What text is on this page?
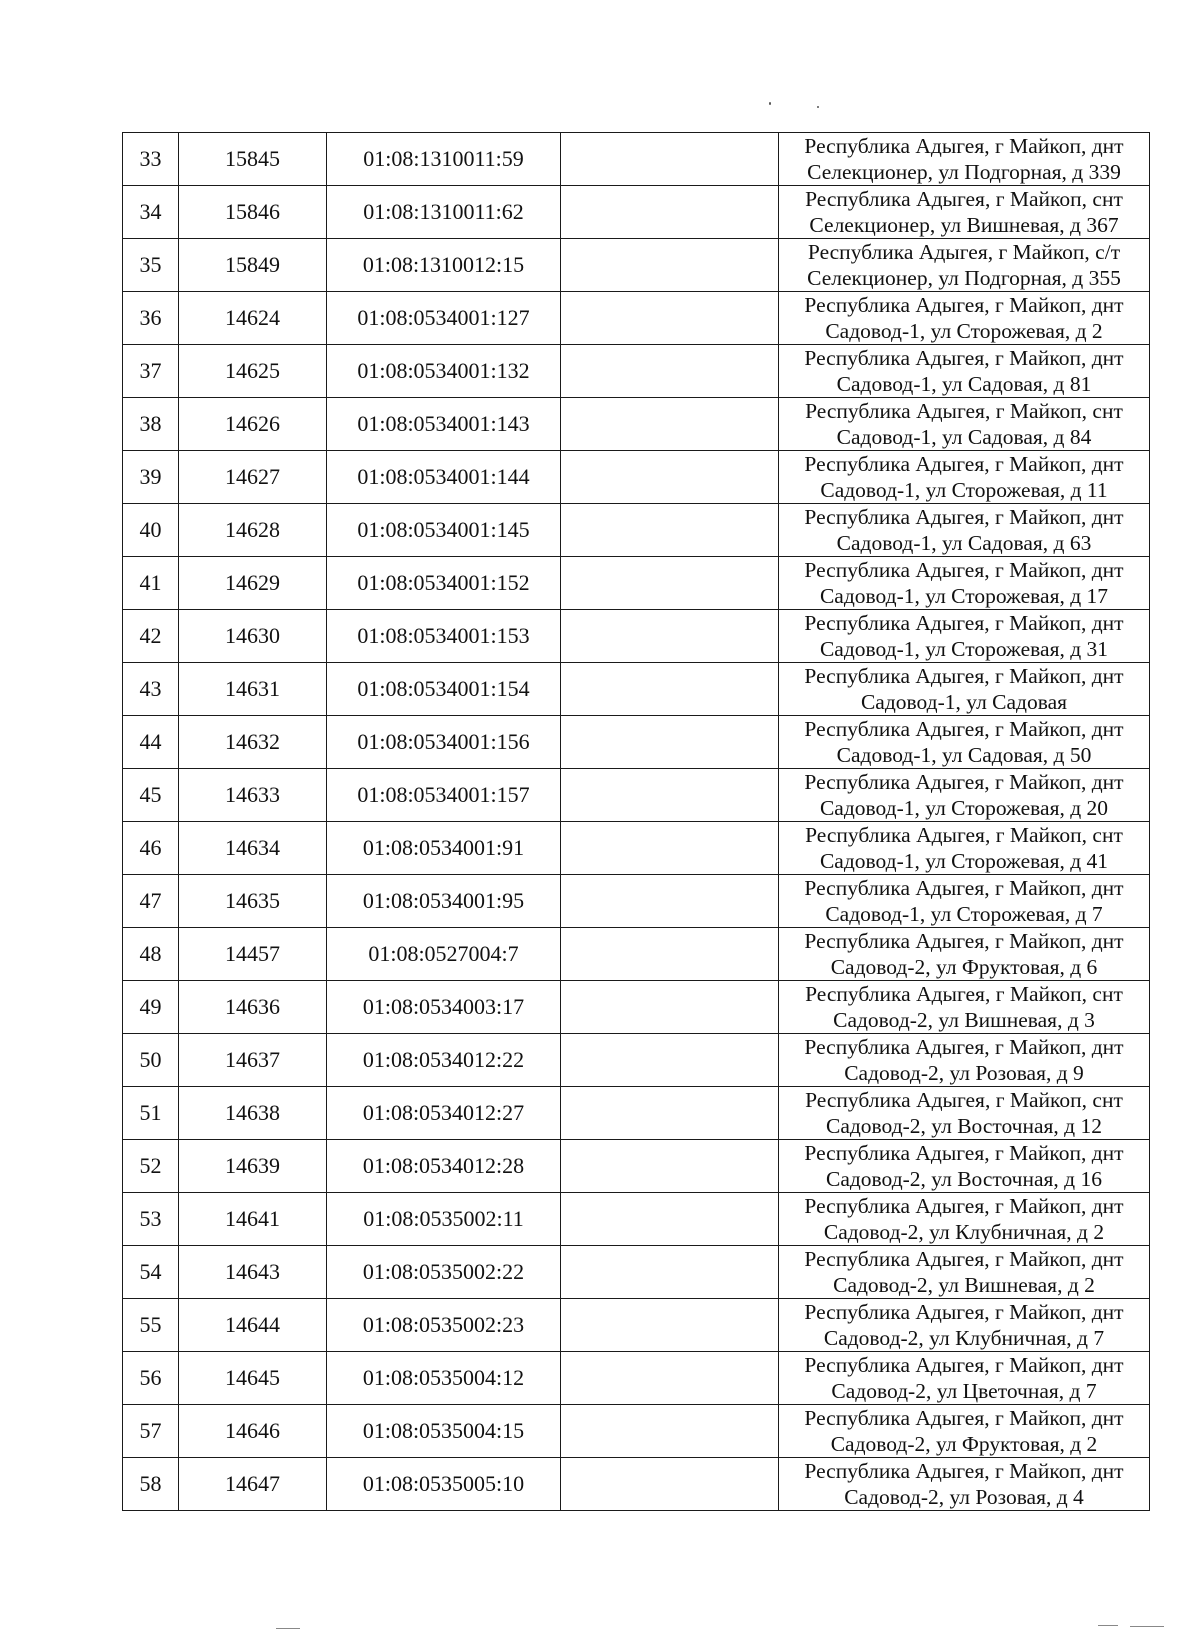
33	15845	01:08:1310011:59		Республика Адыгея, г Майкоп, днт
Селекционер, ул Подгорная, д 339

34	15846	01:08:1310011:62		Республика Адыгея, г Майкоп, снт
Селекционер, ул Вишневая, д 367

35	15849	01:08:1310012:15		Республика Адыгея, г Майкоп, с/т
Селекционер, ул Подгорная, д 355

36	14624	01:08:0534001:127		Республика Адыгея, г Майкоп, днт
Садовод-1, ул Сторожевая, д 2

37	14625	01:08:0534001:132		Республика Адыгея, г Майкоп, днт
Садовод-1, ул Садовая, д 81

38	14626	01:08:0534001:143		Республика Адыгея, г Майкоп, снт
Садовод-1, ул Садовая, д 84

39	14627	01:08:0534001:144		Республика Адыгея, г Майкоп, днт
Садовод-1, ул Сторожевая, д 11

40	14628	01:08:0534001:145		Республика Адыгея, г Майкоп, днт
Садовод-1, ул Садовая, д 63

41	14629	01:08:0534001:152		Республика Адыгея, г Майкоп, днт
Садовод-1, ул Сторожевая, д 17

42	14630	01:08:0534001:153		Республика Адыгея, г Майкоп, днт
Садовод-1, ул Сторожевая, д 31

43	14631	01:08:0534001:154		Республика Адыгея, г Майкоп, днт
Садовод-1, ул Садовая

44	14632	01:08:0534001:156		Республика Адыгея, г Майкоп, днт
Садовод-1, ул Садовая, д 50

45	14633	01:08:0534001:157		Республика Адыгея, г Майкоп, днт
Садовод-1, ул Сторожевая, д 20

46	14634	01:08:0534001:91		Республика Адыгея, г Майкоп, снт
Садовод-1, ул Сторожевая, д 41

47	14635	01:08:0534001:95		Республика Адыгея, г Майкоп, днт
Садовод-1, ул Сторожевая, д 7

48	14457	01:08:0527004:7		Республика Адыгея, г Майкоп, днт
Садовод-2, ул Фруктовая, д 6

49	14636	01:08:0534003:17		Республика Адыгея, г Майкоп, снт
Садовод-2, ул Вишневая, д 3

50	14637	01:08:0534012:22		Республика Адыгея, г Майкоп, днт
Садовод-2, ул Розовая, д 9

51	14638	01:08:0534012:27		Республика Адыгея, г Майкоп, снт
Садовод-2, ул Восточная, д 12

52	14639	01:08:0534012:28		Республика Адыгея, г Майкоп, днт
Садовод-2, ул Восточная, д 16

53	14641	01:08:0535002:11		Республика Адыгея, г Майкоп, днт
Садовод-2, ул Клубничная, д 2

54	14643	01:08:0535002:22		Республика Адыгея, г Майкоп, днт
Садовод-2, ул Вишневая, д 2

55	14644	01:08:0535002:23		Республика Адыгея, г Майкоп, днт
Садовод-2, ул Клубничная, д 7

56	14645	01:08:0535004:12		Республика Адыгея, г Майкоп, днт
Садовод-2, ул Цветочная, д 7

57	14646	01:08:0535004:15		Республика Адыгея, г Майкоп, днт
Садовод-2, ул Фруктовая, д 2

58	14647	01:08:0535005:10		Республика Адыгея, г Майкоп, днт
Садовод-2, ул Розовая, д 4
